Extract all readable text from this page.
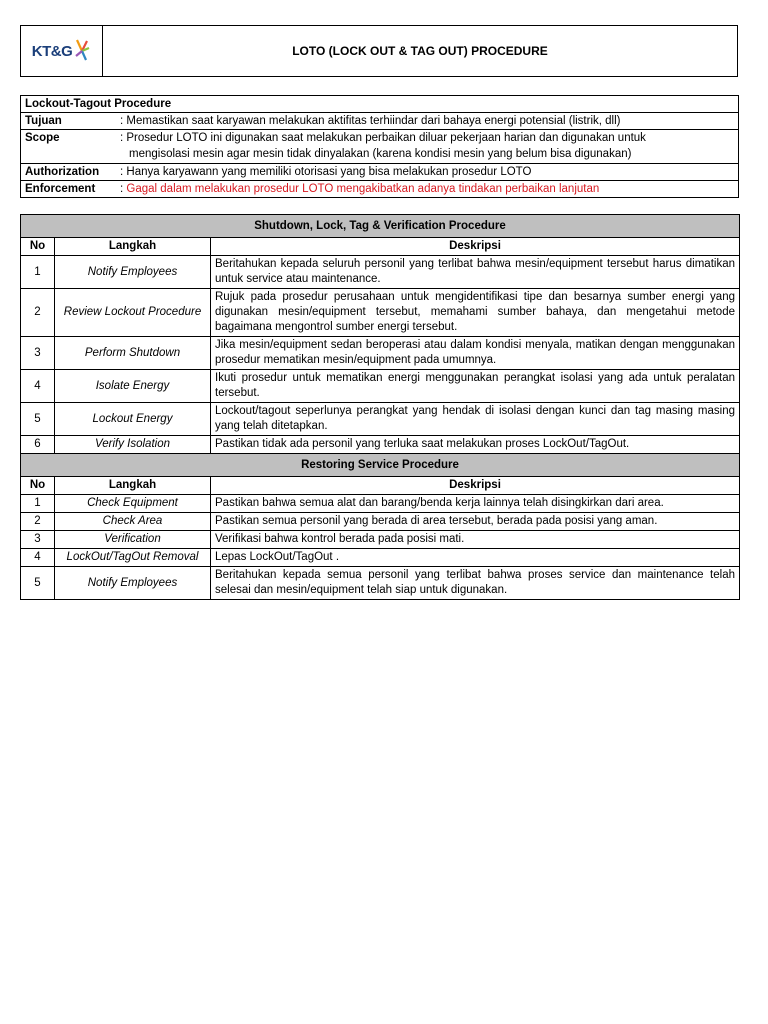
KT&G	LOTO (LOCK OUT & TAG OUT) PROCEDURE
Lockout-Tagout Procedure

Tujuan	: Memastikan saat karyawan melakukan aktifitas terhiindar dari bahaya energi potensial (listrik, dll)

Scope	: Prosedur LOTO ini digunakan saat melakukan perbaikan diluar pekerjaan harian dan digunakan untuk
mengisolasi mesin agar mesin tidak dinyalakan (karena kondisi mesin yang belum bisa digunakan)

Authorization	: Hanya karyawann yang memiliki otorisasi yang bisa melakukan prosedur LOTO

Enforcement	: Gagal dalam melakukan prosedur LOTO mengakibatkan adanya tindakan perbaikan lanjutan
Shutdown, Lock, Tag & Verification Procedure		
No	Langkah	Deskripsi
1	Notify Employees	Beritahukan kepada seluruh personil yang terlibat bahwa mesin/equipment tersebut harus dimatikan untuk service atau maintenance.
2	Review Lockout Procedure	Rujuk pada prosedur perusahaan untuk mengidentifikasi tipe dan besarnya sumber energi yang digunakan mesin/equipment tersebut, memahami sumber bahaya, dan mengetahui metode bagaimana mengontrol sumber energi tersebut.
3	Perform Shutdown	Jika mesin/equipment sedan beroperasi atau dalam kondisi menyala, matikan dengan menggunakan prosedur mematikan mesin/equipment pada umumnya.
4	Isolate Energy	Ikuti prosedur untuk mematikan energi menggunakan perangkat isolasi yang ada untuk peralatan tersebut.
5	Lockout Energy	Lockout/tagout seperlunya perangkat yang hendak di isolasi dengan kunci dan tag masing masing yang telah ditetapkan.
6	Verify Isolation	Pastikan tidak ada personil yang terluka saat melakukan proses LockOut/TagOut.
Restoring Service Procedure		
No	Langkah	Deskripsi
1	Check Equipment	Pastikan bahwa semua alat dan barang/benda kerja lainnya telah disingkirkan dari area.
2	Check Area	Pastikan semua personil yang berada di area tersebut, berada pada posisi yang aman.
3	Verification	Verifikasi bahwa kontrol berada pada posisi mati.
4	LockOut/TagOut Removal	Lepas LockOut/TagOut .
5	Notify Employees	Beritahukan kepada semua personil yang terlibat bahwa proses service dan maintenance telah selesai dan mesin/equipment telah siap untuk digunakan.
